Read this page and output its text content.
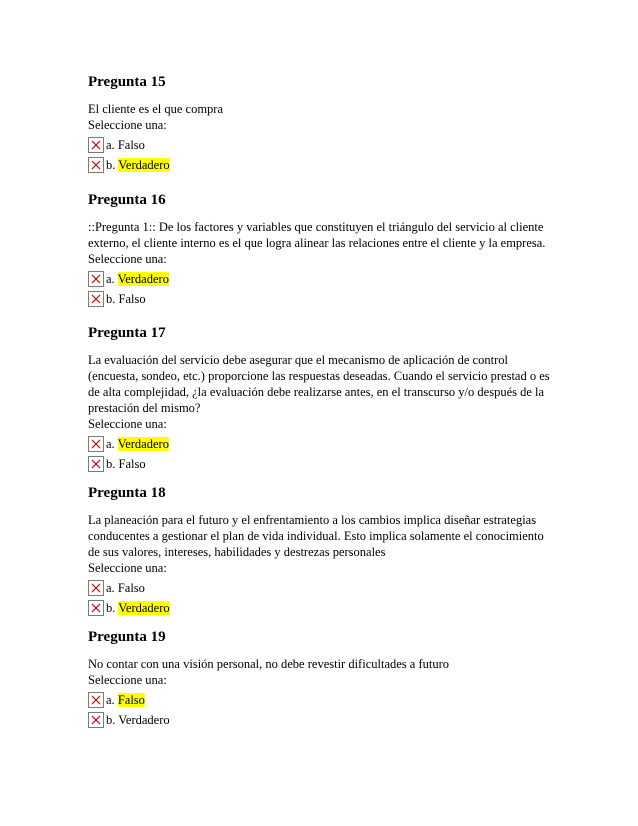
Pregunta 15
El cliente es el que compra
Seleccione una:
a. Falso
b. Verdadero
Pregunta 16
::Pregunta 1:: De los factores y variables que constituyen el triángulo del servicio al cliente
externo, el cliente interno es el que logra alinear las relaciones entre el cliente y la empresa.
Seleccione una:
a. Verdadero
b. Falso
Pregunta 17
La evaluación del servicio debe asegurar que el mecanismo de aplicación de control
(encuesta, sondeo, etc.) proporcione las respuestas deseadas. Cuando el servicio prestad o es
de alta complejidad, ¿la evaluación debe realizarse antes, en el transcurso y/o después de la
prestación del mismo?
Seleccione una:
a. Verdadero
b. Falso
Pregunta 18
La planeación para el futuro y el enfrentamiento a los cambios implica diseñar estrategias
conducentes a gestionar el plan de vida individual. Esto implica solamente el conocimiento
de sus valores, intereses, habilidades y destrezas personales
Seleccione una:
a. Falso
b. Verdadero
Pregunta 19
No contar con una visión personal, no debe revestir dificultades a futuro
Seleccione una:
a. Falso
b. Verdadero
